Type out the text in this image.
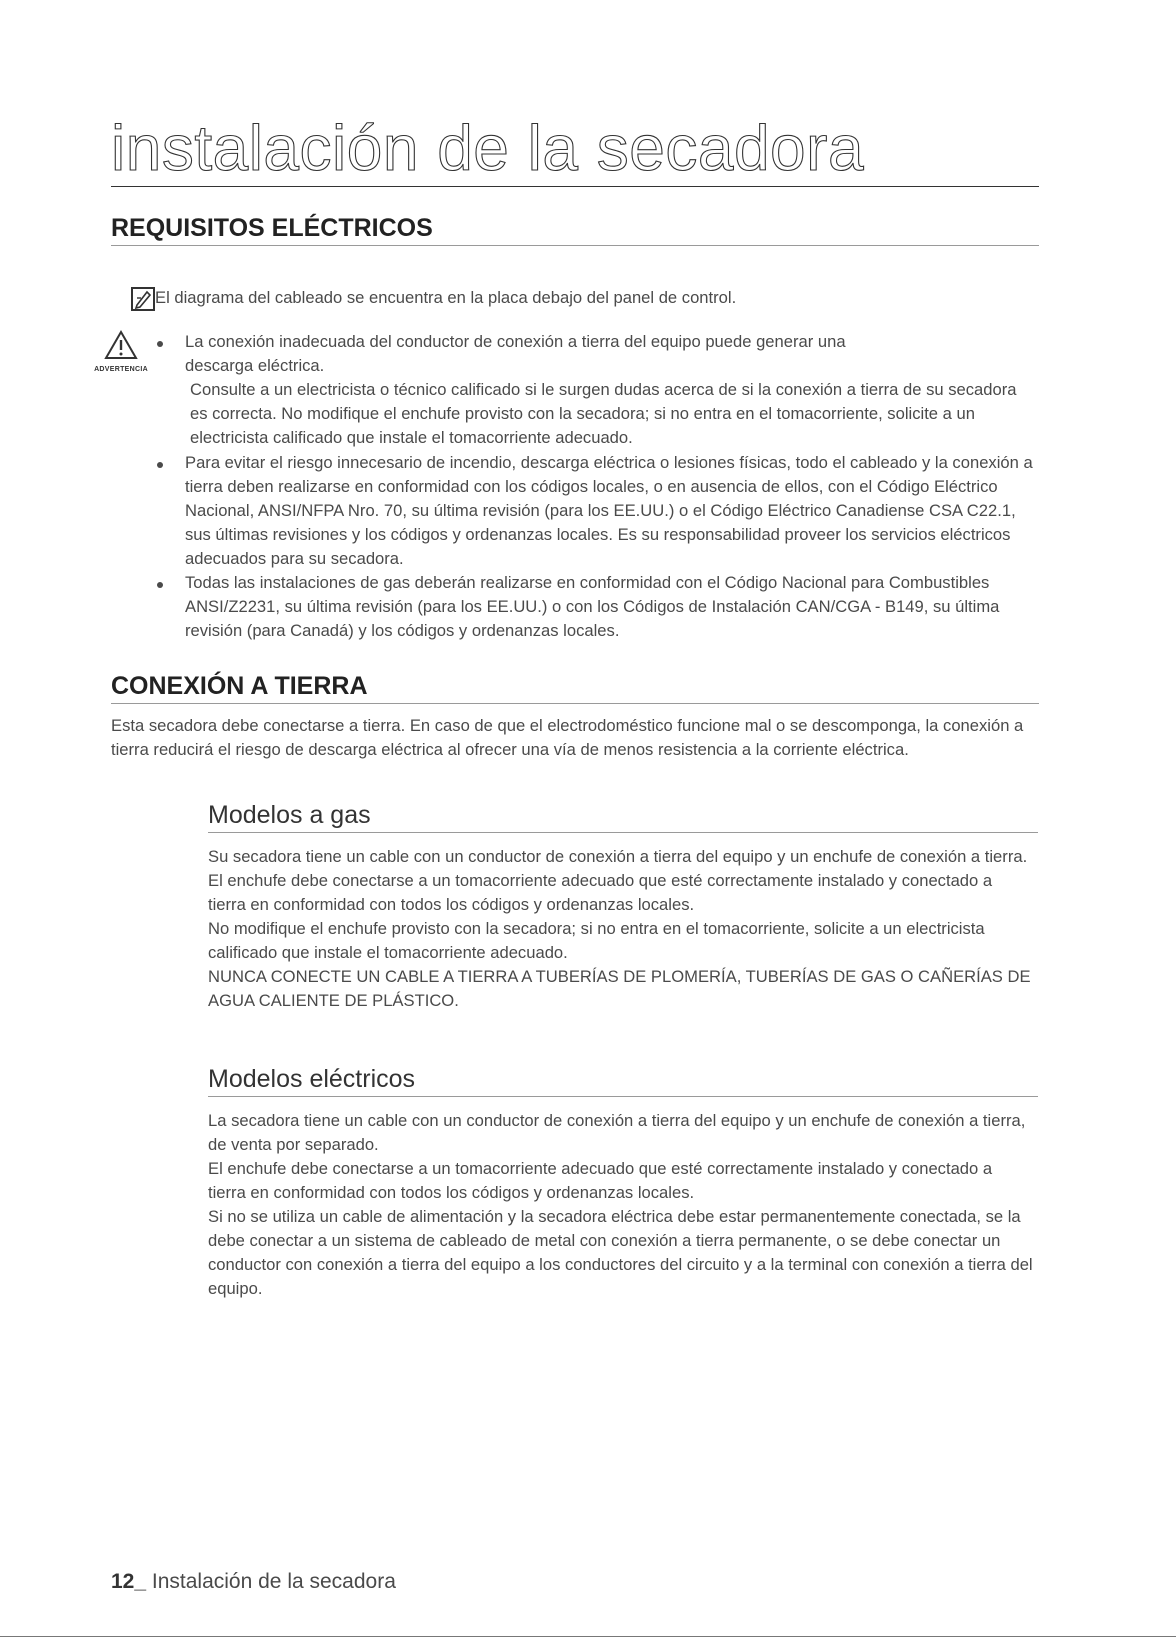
instalación de la secadora
REQUISITOS ELÉCTRICOS
El diagrama del cableado se encuentra en la placa debajo del panel de control.
ADVERTENCIA
La conexión inadecuada del conductor de conexión a tierra del equipo puede generar una
descarga eléctrica.
Consulte a un electricista o técnico calificado si le surgen dudas acerca de si la conexión a tierra de su secadora es correcta. No modifique el enchufe provisto con la secadora; si no entra en el tomacorriente, solicite a un electricista calificado que instale el tomacorriente adecuado.
Para evitar el riesgo innecesario de incendio, descarga eléctrica o lesiones físicas, todo el cableado y la conexión a tierra deben realizarse en conformidad con los códigos locales, o en ausencia de ellos, con el Código Eléctrico Nacional, ANSI/NFPA Nro. 70, su última revisión (para los EE.UU.) o el Código Eléctrico Canadiense CSA C22.1, sus últimas revisiones y los códigos y ordenanzas locales. Es su responsabilidad proveer los servicios eléctricos adecuados para su secadora.
Todas las instalaciones de gas deberán realizarse en conformidad con el Código Nacional para Combustibles ANSI/Z2231, su última revisión (para los EE.UU.) o con los Códigos de Instalación CAN/CGA - B149, su última revisión (para Canadá) y los códigos y ordenanzas locales.
CONEXIÓN A TIERRA
Esta secadora debe conectarse a tierra. En caso de que el electrodoméstico funcione mal o se descomponga, la conexión a tierra reducirá el riesgo de descarga eléctrica al ofrecer una vía de menos resistencia a la corriente eléctrica.
Modelos a gas

Su secadora tiene un cable con un conductor de conexión a tierra del equipo y un enchufe de conexión a tierra.

El enchufe debe conectarse a un tomacorriente adecuado que esté correctamente instalado y conectado a tierra en conformidad con todos los códigos y ordenanzas locales.

No modifique el enchufe provisto con la secadora; si no entra en el tomacorriente, solicite a un electricista calificado que instale el tomacorriente adecuado.

NUNCA CONECTE UN CABLE A TIERRA A TUBERÍAS DE PLOMERÍA, TUBERÍAS DE GAS O CAÑERÍAS DE AGUA CALIENTE DE PLÁSTICO.

Modelos eléctricos

La secadora tiene un cable con un conductor de conexión a tierra del equipo y un enchufe de conexión a tierra, de venta por separado.

El enchufe debe conectarse a un tomacorriente adecuado que esté correctamente instalado y conectado a tierra en conformidad con todos los códigos y ordenanzas locales.

Si no se utiliza un cable de alimentación y la secadora eléctrica debe estar permanentemente conectada, se la debe conectar a un sistema de cableado de metal con conexión a tierra permanente, o se debe conectar un conductor con conexión a tierra del equipo a los conductores del circuito y a la terminal con conexión a tierra del equipo.

12_ Instalación de la secadora
